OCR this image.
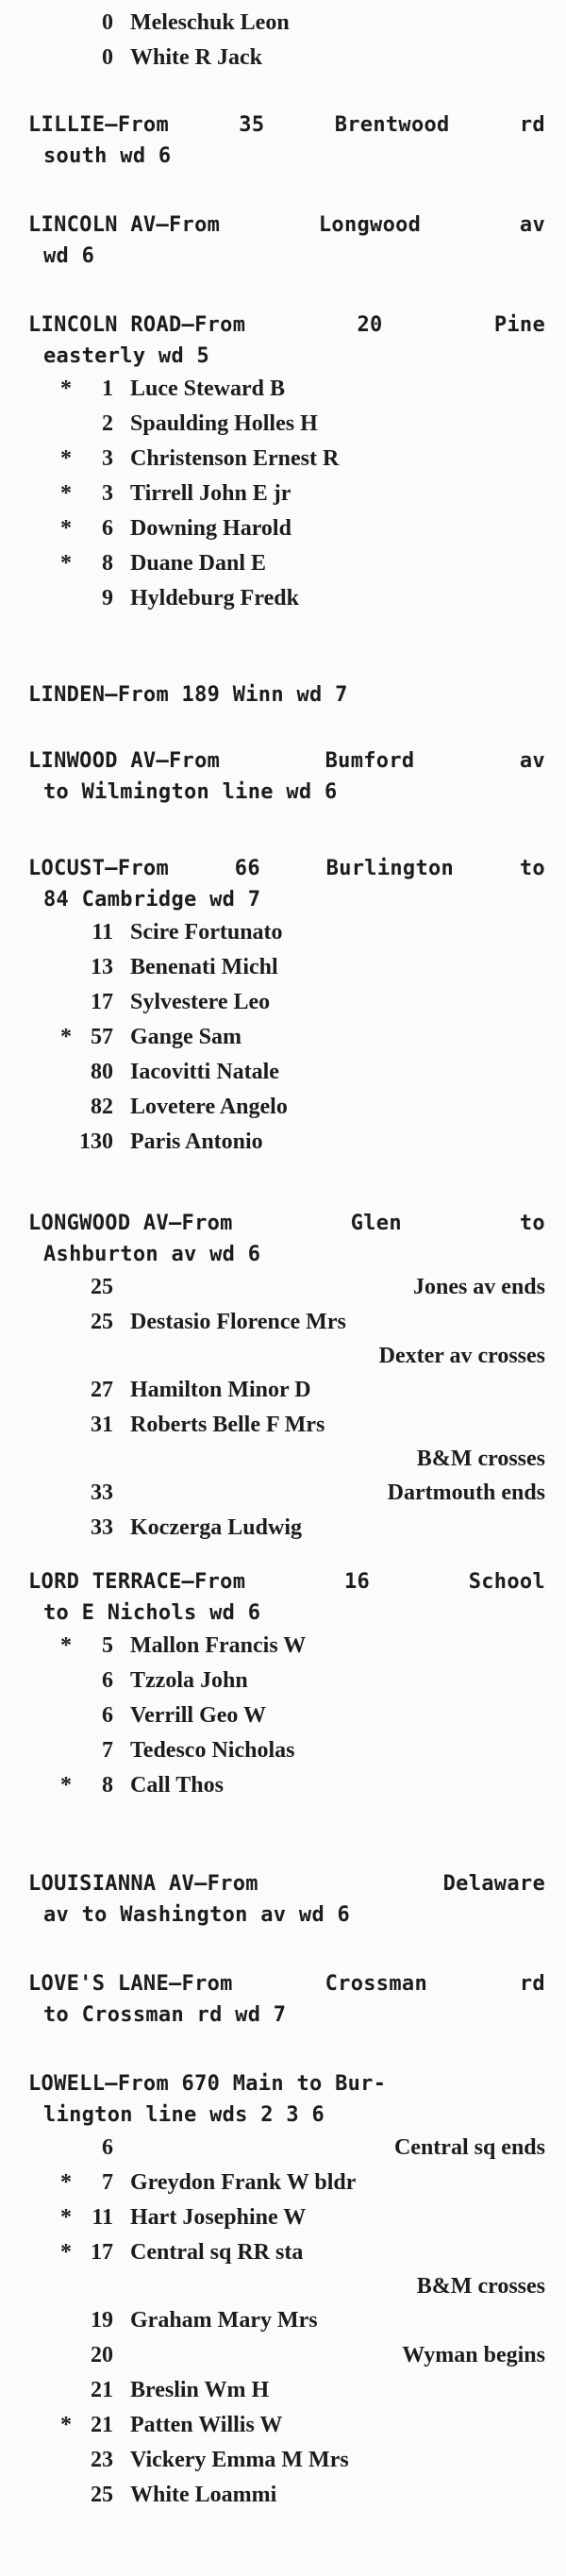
0 Meleschuk Leon
0 White R Jack
LILLIE—From	35	Brentwood	rd
south wd 6
LINCOLN AV—From	Longwood	av
wd 6
LINCOLN ROAD—From	20	Pine
easterly wd 5
*	1 Luce Steward B
2 Spaulding Holles H
*	3 Christenson Ernest R
*	3 Tirrell John E jr
*	6 Downing Harold
*	8 Duane Danl E
9 Hyldeburg Fredk
LINDEN—From 189 Winn wd 7
LINWOOD AV—From	Bumford	av
to Wilmington line wd 6
LOCUST—From	66	Burlington	to
84 Cambridge wd 7
11 Scire Fortunato
13 Benenati Michl
17 Sylvestere Leo
* 57 Gange Sam
80 Iacovitti Natale
82 Lovetere Angelo
130 Paris Antonio
LONGWOOD AV—From	Glen	to
Ashburton av wd 6
25	Jones av ends
25 Destasio Florence Mrs
Dexter av crosses
27 Hamilton Minor D
31 Roberts Belle F Mrs
B&M crosses
33	Dartmouth ends
33 Koczerga Ludwig
LORD TERRACE—From	16	School
to E Nichols wd 6
*	5 Mallon Francis W
6 Tzzola John
6 Verrill Geo W
7 Tedesco Nicholas
*	8 Call Thos
LOUISIANNA AV—From	Delaware
av to Washington av wd 6
LOVE'S LANE—From	Crossman	rd
to Crossman rd wd 7
LOWELL—From 670 Main to Bur-
lington line wds 2 3 6
6	Central sq ends
*	7 Greydon Frank W bldr
* 11 Hart Josephine W
* 17 Central sq RR sta
B&M crosses
19 Graham Mary Mrs
20	Wyman begins
21 Breslin Wm H
* 21 Patten Willis W
23 Vickery Emma M Mrs
25 White Loammi
